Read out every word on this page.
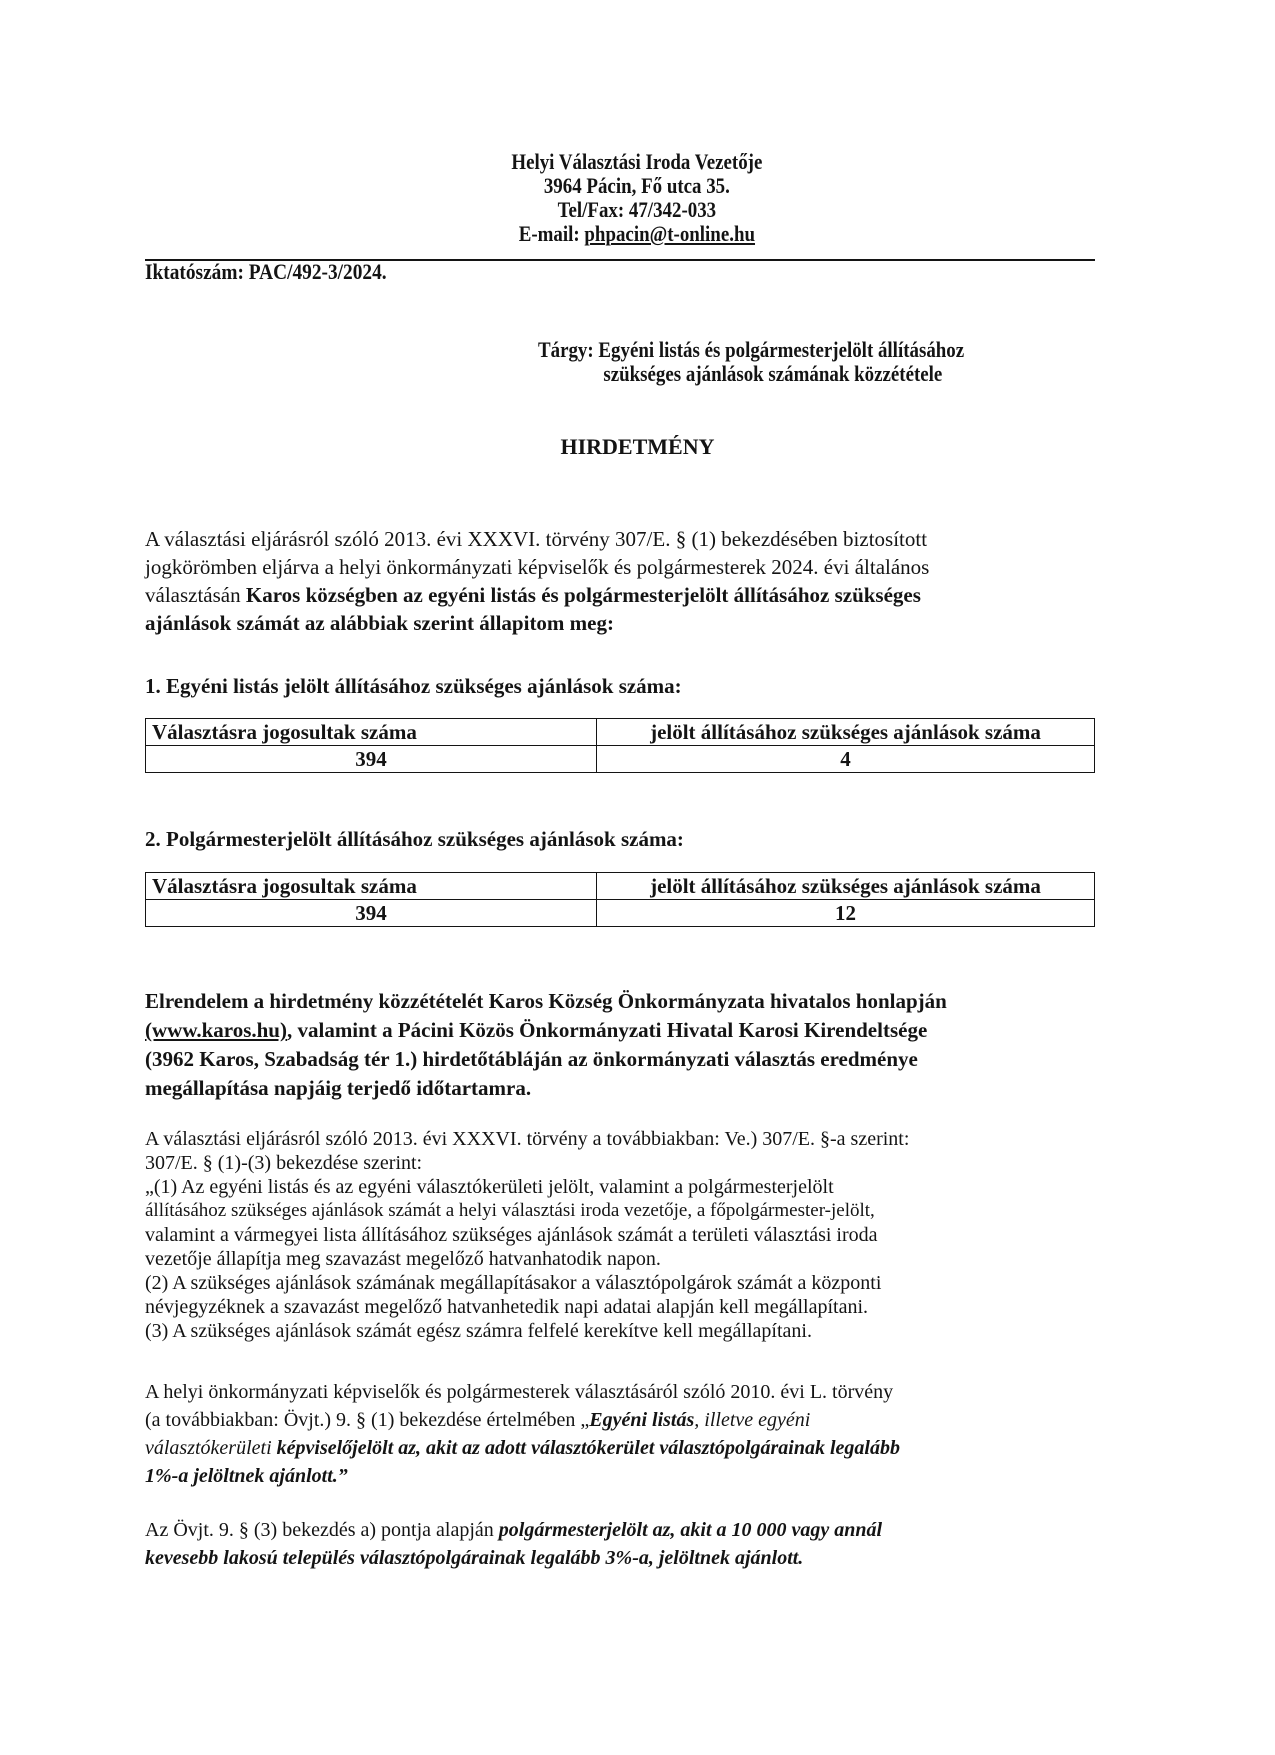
Helyi Választási Iroda Vezetője
3964 Pácin, Fő utca 35.
Tel/Fax: 47/342-033
E-mail: phpacin@t-online.hu
Iktatószám: PAC/492-3/2024.
Tárgy: Egyéni listás és polgármesterjelölt állításához
szükséges ajánlások számának közzététele
HIRDETMÉNY
A választási eljárásról szóló 2013. évi XXXVI. törvény 307/E. § (1) bekezdésében biztosított
jogkörömben eljárva a helyi önkormányzati képviselők és polgármesterek 2024. évi általános
választásán Karos községben az egyéni listás és polgármesterjelölt állításához szükséges
ajánlások számát az alábbiak szerint állapitom meg:
1. Egyéni listás jelölt állításához szükséges ajánlások száma:
Választásra jogosultak száma	jelölt állításához szükséges ajánlások száma
394	4
2. Polgármesterjelölt állításához szükséges ajánlások száma:
Választásra jogosultak száma	jelölt állításához szükséges ajánlások száma
394	12
Elrendelem a hirdetmény közzétételét Karos Község Önkormányzata hivatalos honlapján
(www.karos.hu), valamint a Pácini Közös Önkormányzati Hivatal Karosi Kirendeltsége
(3962 Karos, Szabadság tér 1.) hirdetőtábláján az önkormányzati választás eredménye
megállapítása napjáig terjedő időtartamra.
A választási eljárásról szóló 2013. évi XXXVI. törvény a továbbiakban: Ve.) 307/E. §-a szerint:
307/E. § (1)-(3) bekezdése szerint:
„(1) Az egyéni listás és az egyéni választókerületi jelölt, valamint a polgármesterjelölt
állításához szükséges ajánlások számát a helyi választási iroda vezetője, a főpolgármester-jelölt,
valamint a vármegyei lista állításához szükséges ajánlások számát a területi választási iroda
vezetője állapítja meg szavazást megelőző hatvanhatodik napon.
(2) A szükséges ajánlások számának megállapításakor a választópolgárok számát a központi
névjegyzéknek a szavazást megelőző hatvanhetedik napi adatai alapján kell megállapítani.
(3) A szükséges ajánlások számát egész számra felfelé kerekítve kell megállapítani.
A helyi önkormányzati képviselők és polgármesterek választásáról szóló 2010. évi L. törvény
(a továbbiakban: Övjt.) 9. § (1) bekezdése értelmében „Egyéni listás, illetve egyéni
választókerületi képviselőjelölt az, akit az adott választókerület választópolgárainak legalább
1%-a jelöltnek ajánlott.”
Az Övjt. 9. § (3) bekezdés a) pontja alapján polgármesterjelölt az, akit a 10 000 vagy annál
kevesebb lakosú település választópolgárainak legalább 3%-a, jelöltnek ajánlott.
